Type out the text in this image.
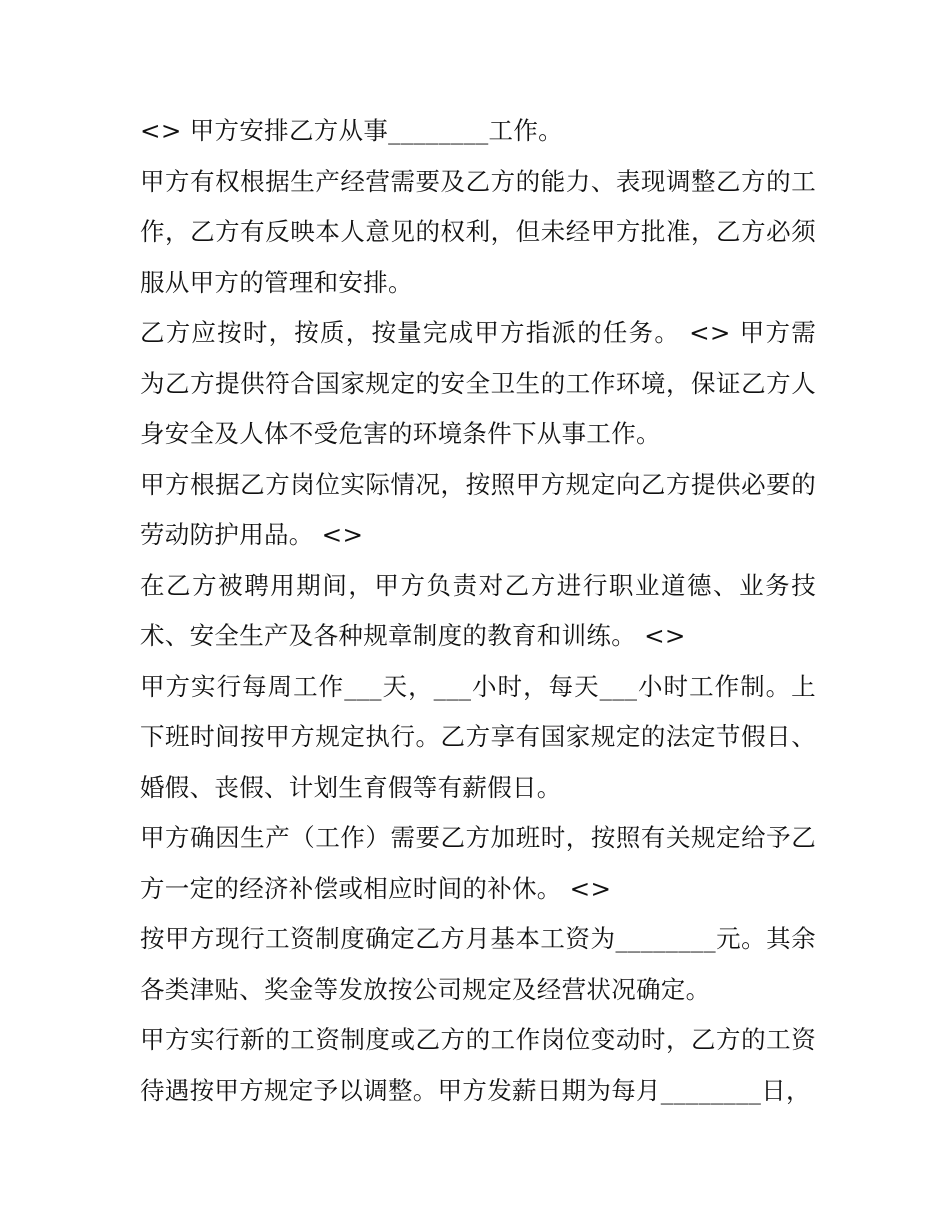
<> 甲方安排乙方从事________工作。

甲方有权根据生产经营需要及乙方的能力、表现调整乙方的工作，乙方有反映本人意见的权利，但未经甲方批准，乙方必须服从甲方的管理和安排。

乙方应按时，按质，按量完成甲方指派的任务。 <> 甲方需为乙方提供符合国家规定的安全卫生的工作环境，保证乙方人身安全及人体不受危害的环境条件下从事工作。

甲方根据乙方岗位实际情况，按照甲方规定向乙方提供必要的劳动防护用品。 <>

在乙方被聘用期间，甲方负责对乙方进行职业道德、业务技术、安全生产及各种规章制度的教育和训练。 <>

甲方实行每周工作___天，___小时，每天___小时工作制。上下班时间按甲方规定执行。乙方享有国家规定的法定节假日、婚假、丧假、计划生育假等有薪假日。

甲方确因生产（工作）需要乙方加班时，按照有关规定给予乙方一定的经济补偿或相应时间的补休。 <>

按甲方现行工资制度确定乙方月基本工资为________元。其余各类津贴、奖金等发放按公司规定及经营状况确定。

甲方实行新的工资制度或乙方的工作岗位变动时，乙方的工资待遇按甲方规定予以调整。甲方发薪日期为每月________日，
